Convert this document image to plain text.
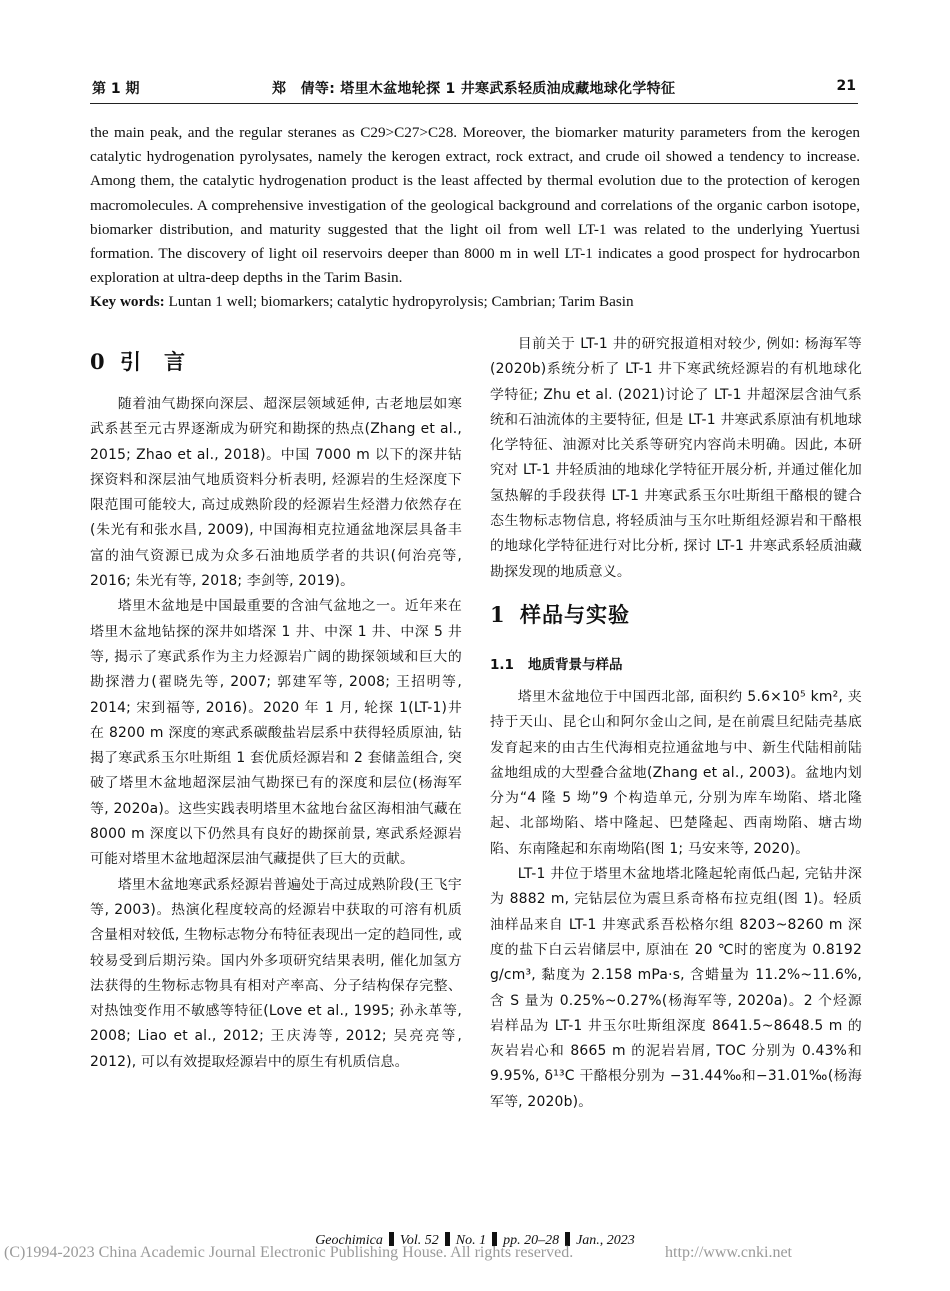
第 1 期	郑　倩等: 塔里木盆地轮探 1 井寒武系轻质油成藏地球化学特征	21

the main peak, and the regular steranes as C29>C27>C28. Moreover, the biomarker maturity parameters from the kerogen catalytic hydrogenation pyrolysates, namely the kerogen extract, rock extract, and crude oil showed a tendency to increase. Among them, the catalytic hydrogenation product is the least affected by thermal evolution due to the protection of kerogen macromolecules. A comprehensive investigation of the geological background and correlations of the organic carbon isotope, biomarker distribution, and maturity suggested that the light oil from well LT-1 was related to the underlying Yuertusi formation. The discovery of light oil reservoirs deeper than 8000 m in well LT-1 indicates a good prospect for hydrocarbon exploration at ultra-deep depths in the Tarim Basin.

Key words: Luntan 1 well; biomarkers; catalytic hydropyrolysis; Cambrian; Tarim Basin
0 引　言

随着油气勘探向深层、超深层领域延伸, 古老地层如寒武系甚至元古界逐渐成为研究和勘探的热点(Zhang et al., 2015; Zhao et al., 2018)。中国 7000 m 以下的深井钻探资料和深层油气地质资料分析表明, 烃源岩的生烃深度下限范围可能较大, 高过成熟阶段的烃源岩生烃潜力依然存在(朱光有和张水昌, 2009), 中国海相克拉通盆地深层具备丰富的油气资源已成为众多石油地质学者的共识(何治亮等, 2016; 朱光有等, 2018; 李剑等, 2019)。

塔里木盆地是中国最重要的含油气盆地之一。近年来在塔里木盆地钻探的深井如塔深 1 井、中深 1 井、中深 5 井等, 揭示了寒武系作为主力烃源岩广阔的勘探领域和巨大的勘探潜力(翟晓先等, 2007; 郭建军等, 2008; 王招明等, 2014; 宋到福等, 2016)。2020 年 1 月, 轮探 1(LT-1)井在 8200 m 深度的寒武系碳酸盐岩层系中获得轻质原油, 钻揭了寒武系玉尔吐斯组 1 套优质烃源岩和 2 套储盖组合, 突破了塔里木盆地超深层油气勘探已有的深度和层位(杨海军等, 2020a)。这些实践表明塔里木盆地台盆区海相油气藏在 8000 m 深度以下仍然具有良好的勘探前景, 寒武系烃源岩可能对塔里木盆地超深层油气藏提供了巨大的贡献。

塔里木盆地寒武系烃源岩普遍处于高过成熟阶段(王飞宇等, 2003)。热演化程度较高的烃源岩中获取的可溶有机质含量相对较低, 生物标志物分布特征表现出一定的趋同性, 或较易受到后期污染。国内外多项研究结果表明, 催化加氢方法获得的生物标志物具有相对产率高、分子结构保存完整、对热蚀变作用不敏感等特征(Love et al., 1995; 孙永革等, 2008; Liao et al., 2012; 王庆涛等, 2012; 吴亮亮等, 2012), 可以有效提取烃源岩中的原生有机质信息。

目前关于 LT-1 井的研究报道相对较少, 例如: 杨海军等(2020b)系统分析了 LT-1 井下寒武统烃源岩的有机地球化学特征; Zhu et al. (2021)讨论了 LT-1 井超深层含油气系统和石油流体的主要特征, 但是 LT-1 井寒武系原油有机地球化学特征、油源对比关系等研究内容尚未明确。因此, 本研究对 LT-1 井轻质油的地球化学特征开展分析, 并通过催化加氢热解的手段获得 LT-1 井寒武系玉尔吐斯组干酪根的键合态生物标志物信息, 将轻质油与玉尔吐斯组烃源岩和干酪根的地球化学特征进行对比分析, 探讨 LT-1 井寒武系轻质油藏勘探发现的地质意义。

1 样品与实验
1.1 地质背景与样品

塔里木盆地位于中国西北部, 面积约 5.6×10⁵ km², 夹持于天山、昆仑山和阿尔金山之间, 是在前震旦纪陆壳基底发育起来的由古生代海相克拉通盆地与中、新生代陆相前陆盆地组成的大型叠合盆地(Zhang et al., 2003)。盆地内划分为“4 隆 5 坳”9 个构造单元, 分别为库车坳陷、塔北隆起、北部坳陷、塔中隆起、巴楚隆起、西南坳陷、塘古坳陷、东南隆起和东南坳陷(图 1; 马安来等, 2020)。

LT-1 井位于塔里木盆地塔北隆起轮南低凸起, 完钻井深为 8882 m, 完钻层位为震旦系奇格布拉克组(图 1)。轻质油样品来自 LT-1 井寒武系吾松格尔组 8203~8260 m 深度的盐下白云岩储层中, 原油在 20 ℃时的密度为 0.8192 g/cm³, 黏度为 2.158 mPa·s, 含蜡量为 11.2%~11.6%, 含 S 量为 0.25%~0.27%(杨海军等, 2020a)。2 个烃源岩样品为 LT-1 井玉尔吐斯组深度 8641.5~8648.5 m 的灰岩岩心和 8665 m 的泥岩岩屑, TOC 分别为 0.43%和 9.95%, δ¹³C 干酪根分别为 −31.44‰和−31.01‰(杨海军等, 2020b)。

Geochimica Vol. 52 No. 1 pp. 20–28 Jan., 2023
(C)1994-2023 China Academic Journal Electronic Publishing House. All rights reserved.	http://www.cnki.net
